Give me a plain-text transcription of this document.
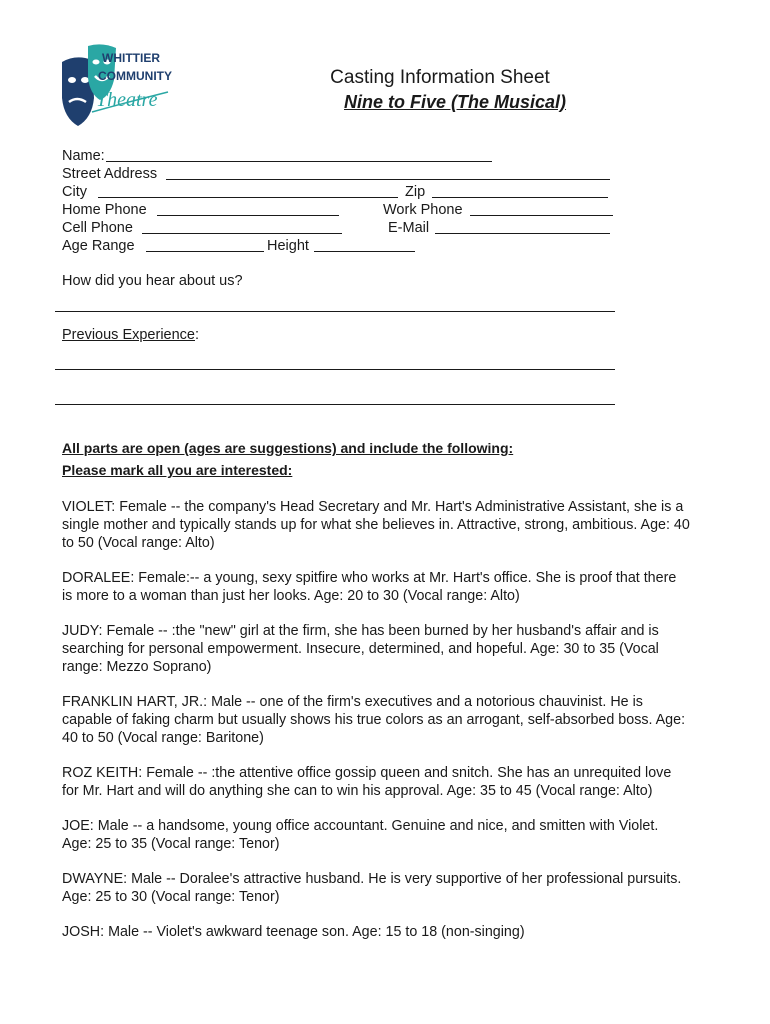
WHITTIER
COMMUNITY
Theatre
Casting Information Sheet
Nine to Five (The Musical)
Name:
Street Address
City	Zip
Home Phone	Work Phone
Cell Phone	E-Mail
Age Range	Height
How did you hear about us?
Previous Experience:
All parts are open (ages are suggestions) and include the following:
Please mark all you are interested:

VIOLET: Female -- the company's Head Secretary and Mr. Hart's Administrative Assistant, she is a single mother and typically stands up for what she believes in. Attractive, strong, ambitious. Age: 40 to 50 (Vocal range: Alto)

DORALEE: Female:-- a young, sexy spitfire who works at Mr. Hart's office. She is proof that there is more to a woman than just her looks. Age: 20 to 30 (Vocal range: Alto)

JUDY: Female -- :the "new" girl at the firm, she has been burned by her husband's affair and is searching for personal empowerment. Insecure, determined, and hopeful. Age: 30 to 35 (Vocal range: Mezzo Soprano)

FRANKLIN HART, JR.: Male -- one of the firm's executives and a notorious chauvinist. He is capable of faking charm but usually shows his true colors as an arrogant, self-absorbed boss. Age: 40 to 50 (Vocal range: Baritone)

ROZ KEITH: Female -- :the attentive office gossip queen and snitch. She has an unrequited love for Mr. Hart and will do anything she can to win his approval. Age: 35 to 45 (Vocal range: Alto)

JOE: Male -- a handsome, young office accountant. Genuine and nice, and smitten with Violet. Age: 25 to 35 (Vocal range: Tenor)

DWAYNE: Male -- Doralee's attractive husband. He is very supportive of her professional pursuits. Age: 25 to 30 (Vocal range: Tenor)

JOSH: Male -- Violet's awkward teenage son. Age: 15 to 18 (non-singing)
